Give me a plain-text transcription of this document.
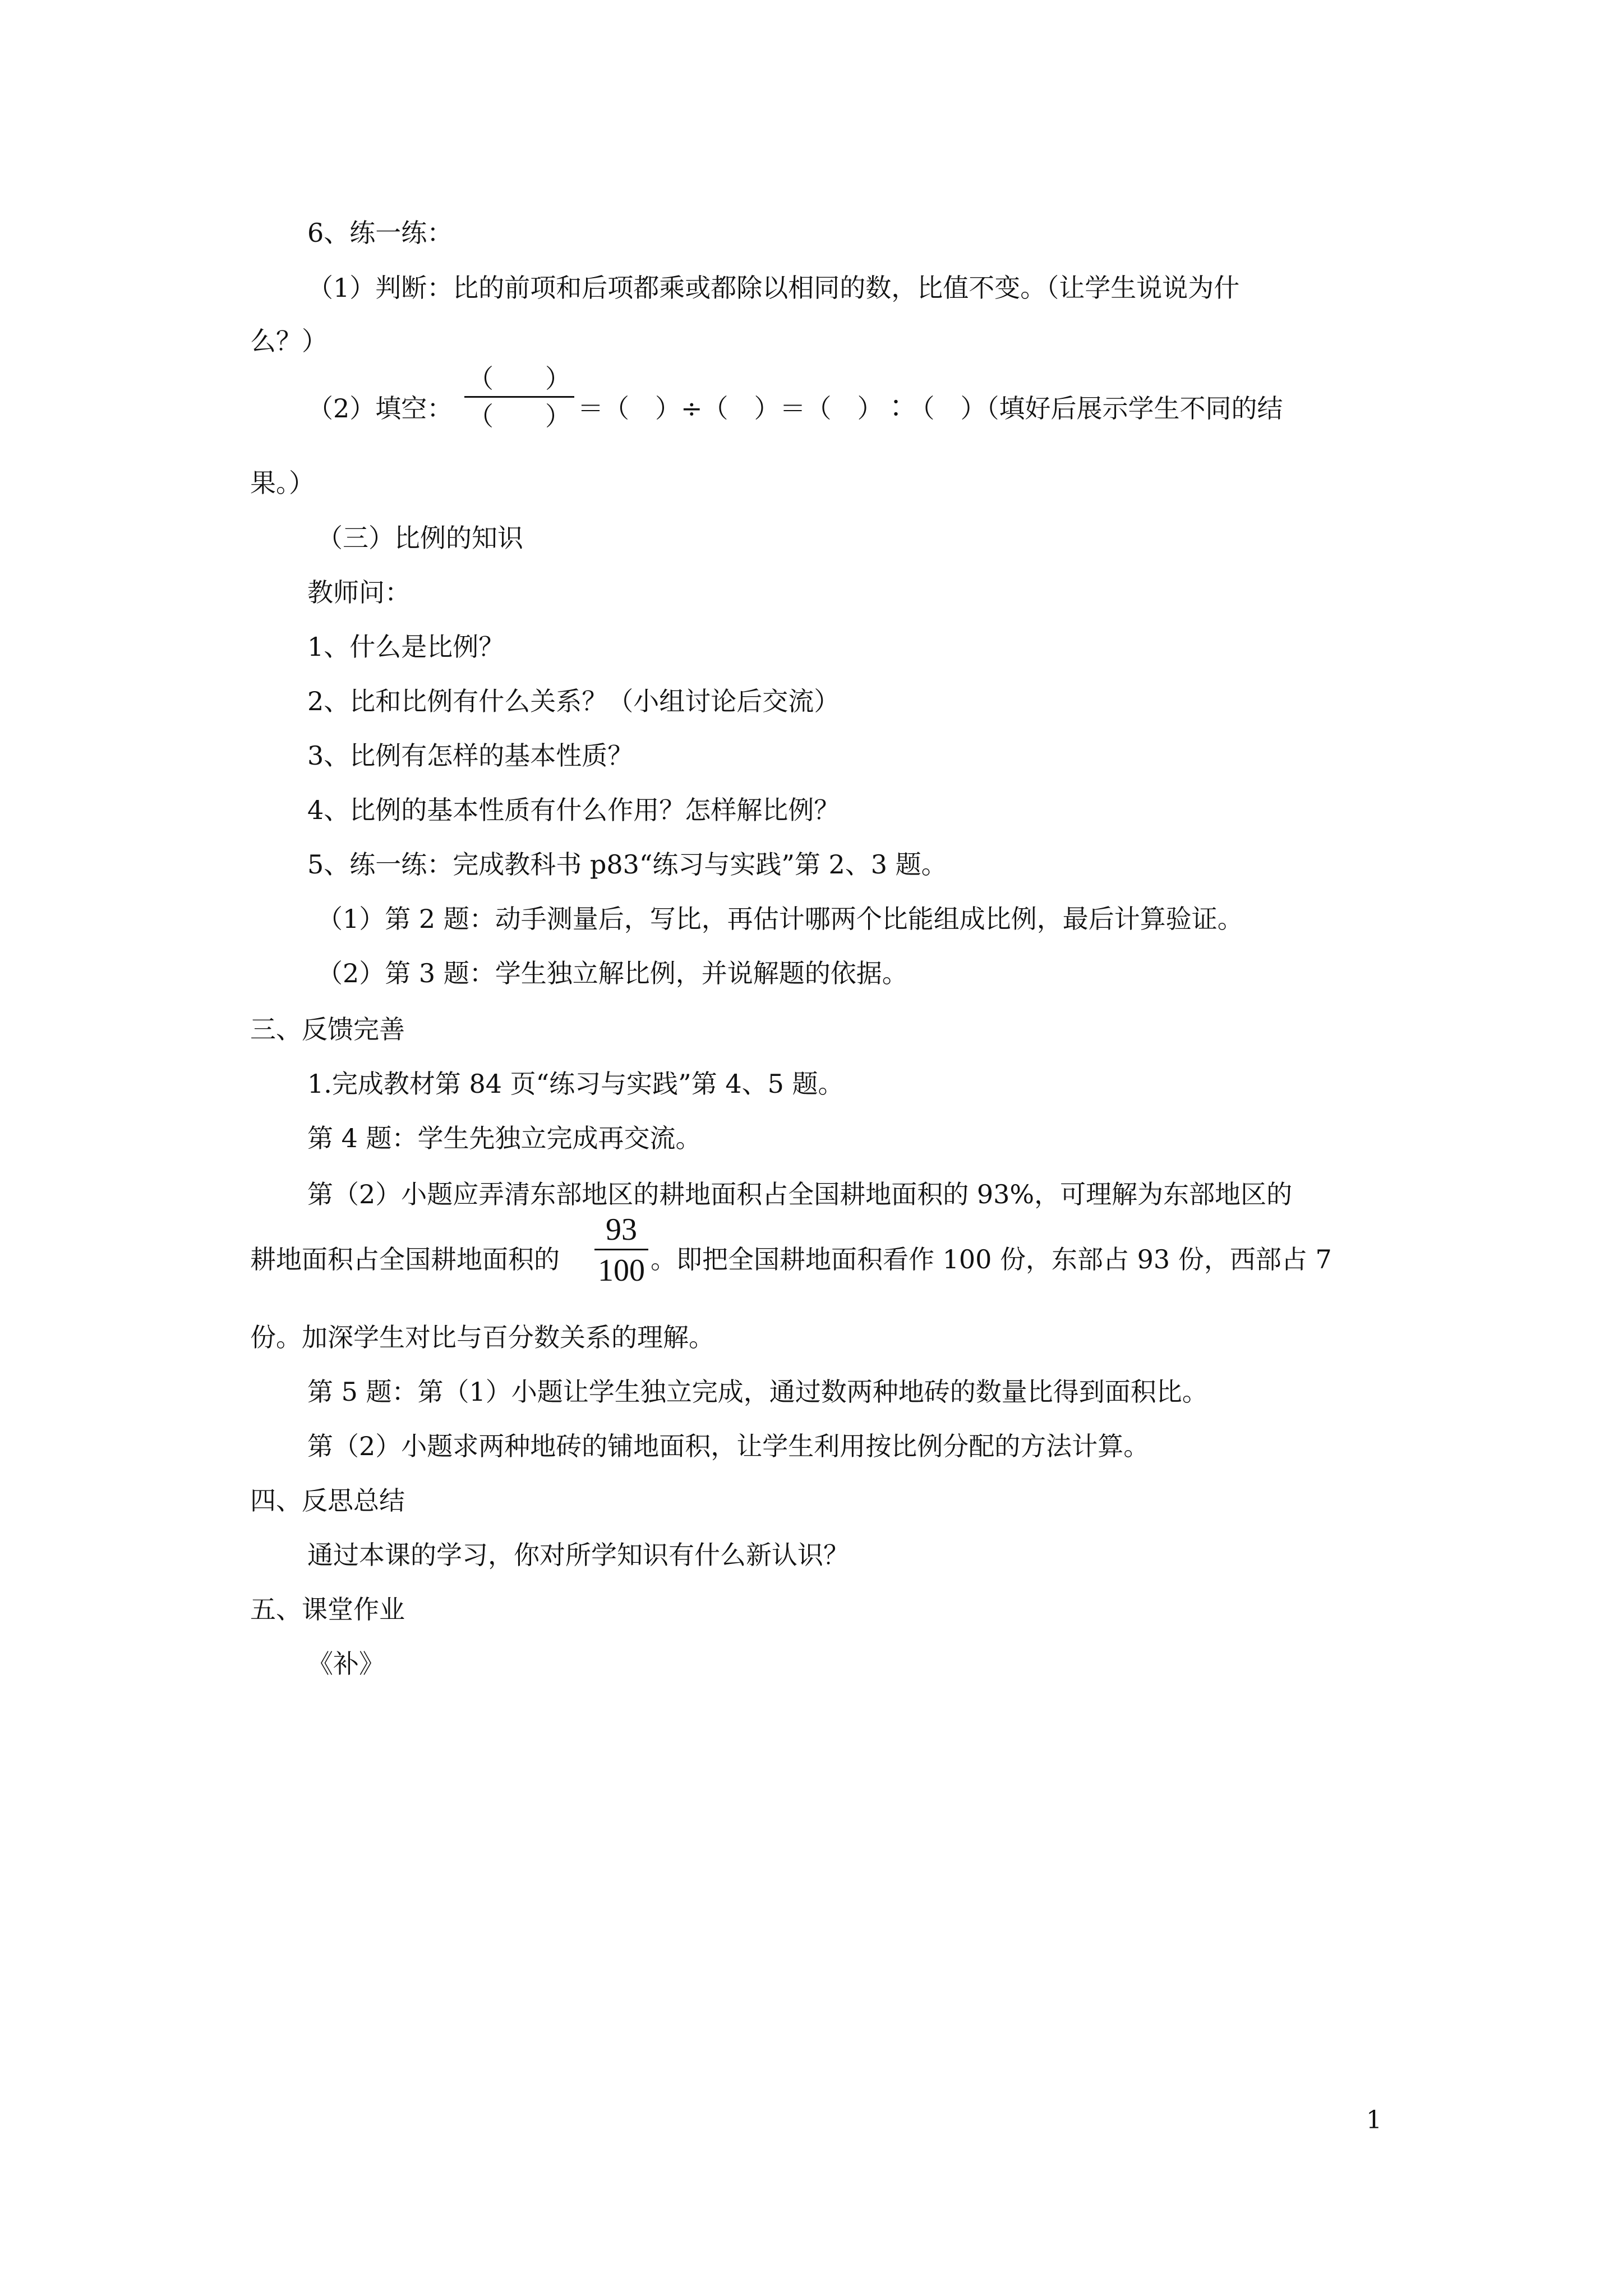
6、练一练：
（1）判断：比的前项和后项都乘或都除以相同的数，比值不变。（让学生说说为什
么？）
（2）填空：
（　　）
（　　） ＝（　）÷（　）＝（　）∶（　）（填好后展示学生不同的结
果。）
（三）比例的知识
教师问：
1、什么是比例？
2、比和比例有什么关系？（小组讨论后交流）
3、比例有怎样的基本性质？
4、比例的基本性质有什么作用？怎样解比例？
5、练一练：完成教科书 p83“练习与实践”第 2、3 题。
（1）第 2 题：动手测量后，写比，再估计哪两个比能组成比例，最后计算验证。
（2）第 3 题：学生独立解比例，并说解题的依据。
三、反馈完善
1.完成教材第 84 页“练习与实践”第 4、5 题。
第 4 题：学生先独立完成再交流。
第（2）小题应弄清东部地区的耕地面积占全国耕地面积的 93%，可理解为东部地区的
耕地面积占全国耕地面积的
93
100 。即把全国耕地面积看作 100 份，东部占 93 份，西部占 7
份。加深学生对比与百分数关系的理解。
第 5 题：第（1）小题让学生独立完成，通过数两种地砖的数量比得到面积比。
第（2）小题求两种地砖的铺地面积，让学生利用按比例分配的方法计算。
四、反思总结
通过本课的学习，你对所学知识有什么新认识？
五、课堂作业
《补》
1
